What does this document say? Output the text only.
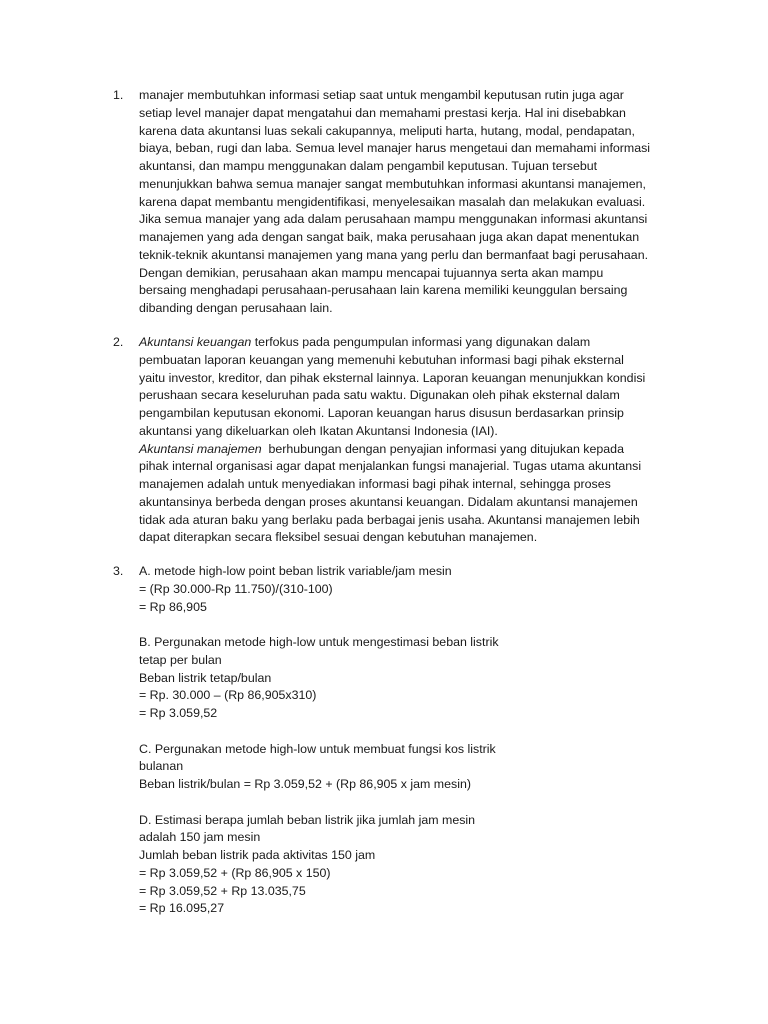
1.	manajer membutuhkan informasi setiap saat untuk mengambil keputusan rutin juga agar
setiap level manajer dapat mengatahui dan memahami prestasi kerja. Hal ini disebabkan
karena data akuntansi luas sekali cakupannya, meliputi harta, hutang, modal, pendapatan,
biaya, beban, rugi dan laba. Semua level manajer harus mengetaui dan memahami informasi
akuntansi, dan mampu menggunakan dalam pengambil keputusan. Tujuan tersebut
menunjukkan bahwa semua manajer sangat membutuhkan informasi akuntansi manajemen,
karena dapat membantu mengidentifikasi, menyelesaikan masalah dan melakukan evaluasi.
Jika semua manajer yang ada dalam perusahaan mampu menggunakan informasi akuntansi
manajemen yang ada dengan sangat baik, maka perusahaan juga akan dapat menentukan
teknik-teknik akuntansi manajemen yang mana yang perlu dan bermanfaat bagi perusahaan.
Dengan demikian, perusahaan akan mampu mencapai tujuannya serta akan mampu
bersaing menghadapi perusahaan-perusahaan lain karena memiliki keunggulan bersaing
dibanding dengan perusahaan lain.
2.	Akuntansi keuangan terfokus pada pengumpulan informasi yang digunakan dalam
pembuatan laporan keuangan yang memenuhi kebutuhan informasi bagi pihak eksternal
yaitu investor, kreditor, dan pihak eksternal lainnya. Laporan keuangan menunjukkan kondisi
perushaan secara keseluruhan pada satu waktu. Digunakan oleh pihak eksternal dalam
pengambilan keputusan ekonomi. Laporan keuangan harus disusun berdasarkan prinsip
akuntansi yang dikeluarkan oleh Ikatan Akuntansi Indonesia (IAI).
Akuntansi manajemen  berhubungan dengan penyajian informasi yang ditujukan kepada
pihak internal organisasi agar dapat menjalankan fungsi manajerial. Tugas utama akuntansi
manajemen adalah untuk menyediakan informasi bagi pihak internal, sehingga proses
akuntansinya berbeda dengan proses akuntansi keuangan. Didalam akuntansi manajemen
tidak ada aturan baku yang berlaku pada berbagai jenis usaha. Akuntansi manajemen lebih
dapat diterapkan secara fleksibel sesuai dengan kebutuhan manajemen.
3.	A. metode high-low point beban listrik variable/jam mesin
= (Rp 30.000-Rp 11.750)/(310-100)
= Rp 86,905
B. Pergunakan metode high-low untuk mengestimasi beban listrik
tetap per bulan
Beban listrik tetap/bulan
= Rp. 30.000 – (Rp 86,905x310)
= Rp 3.059,52
C. Pergunakan metode high-low untuk membuat fungsi kos listrik
bulanan
Beban listrik/bulan = Rp 3.059,52 + (Rp 86,905 x jam mesin)
D. Estimasi berapa jumlah beban listrik jika jumlah jam mesin
adalah 150 jam mesin
Jumlah beban listrik pada aktivitas 150 jam
= Rp 3.059,52 + (Rp 86,905 x 150)
= Rp 3.059,52 + Rp 13.035,75
= Rp 16.095,27
